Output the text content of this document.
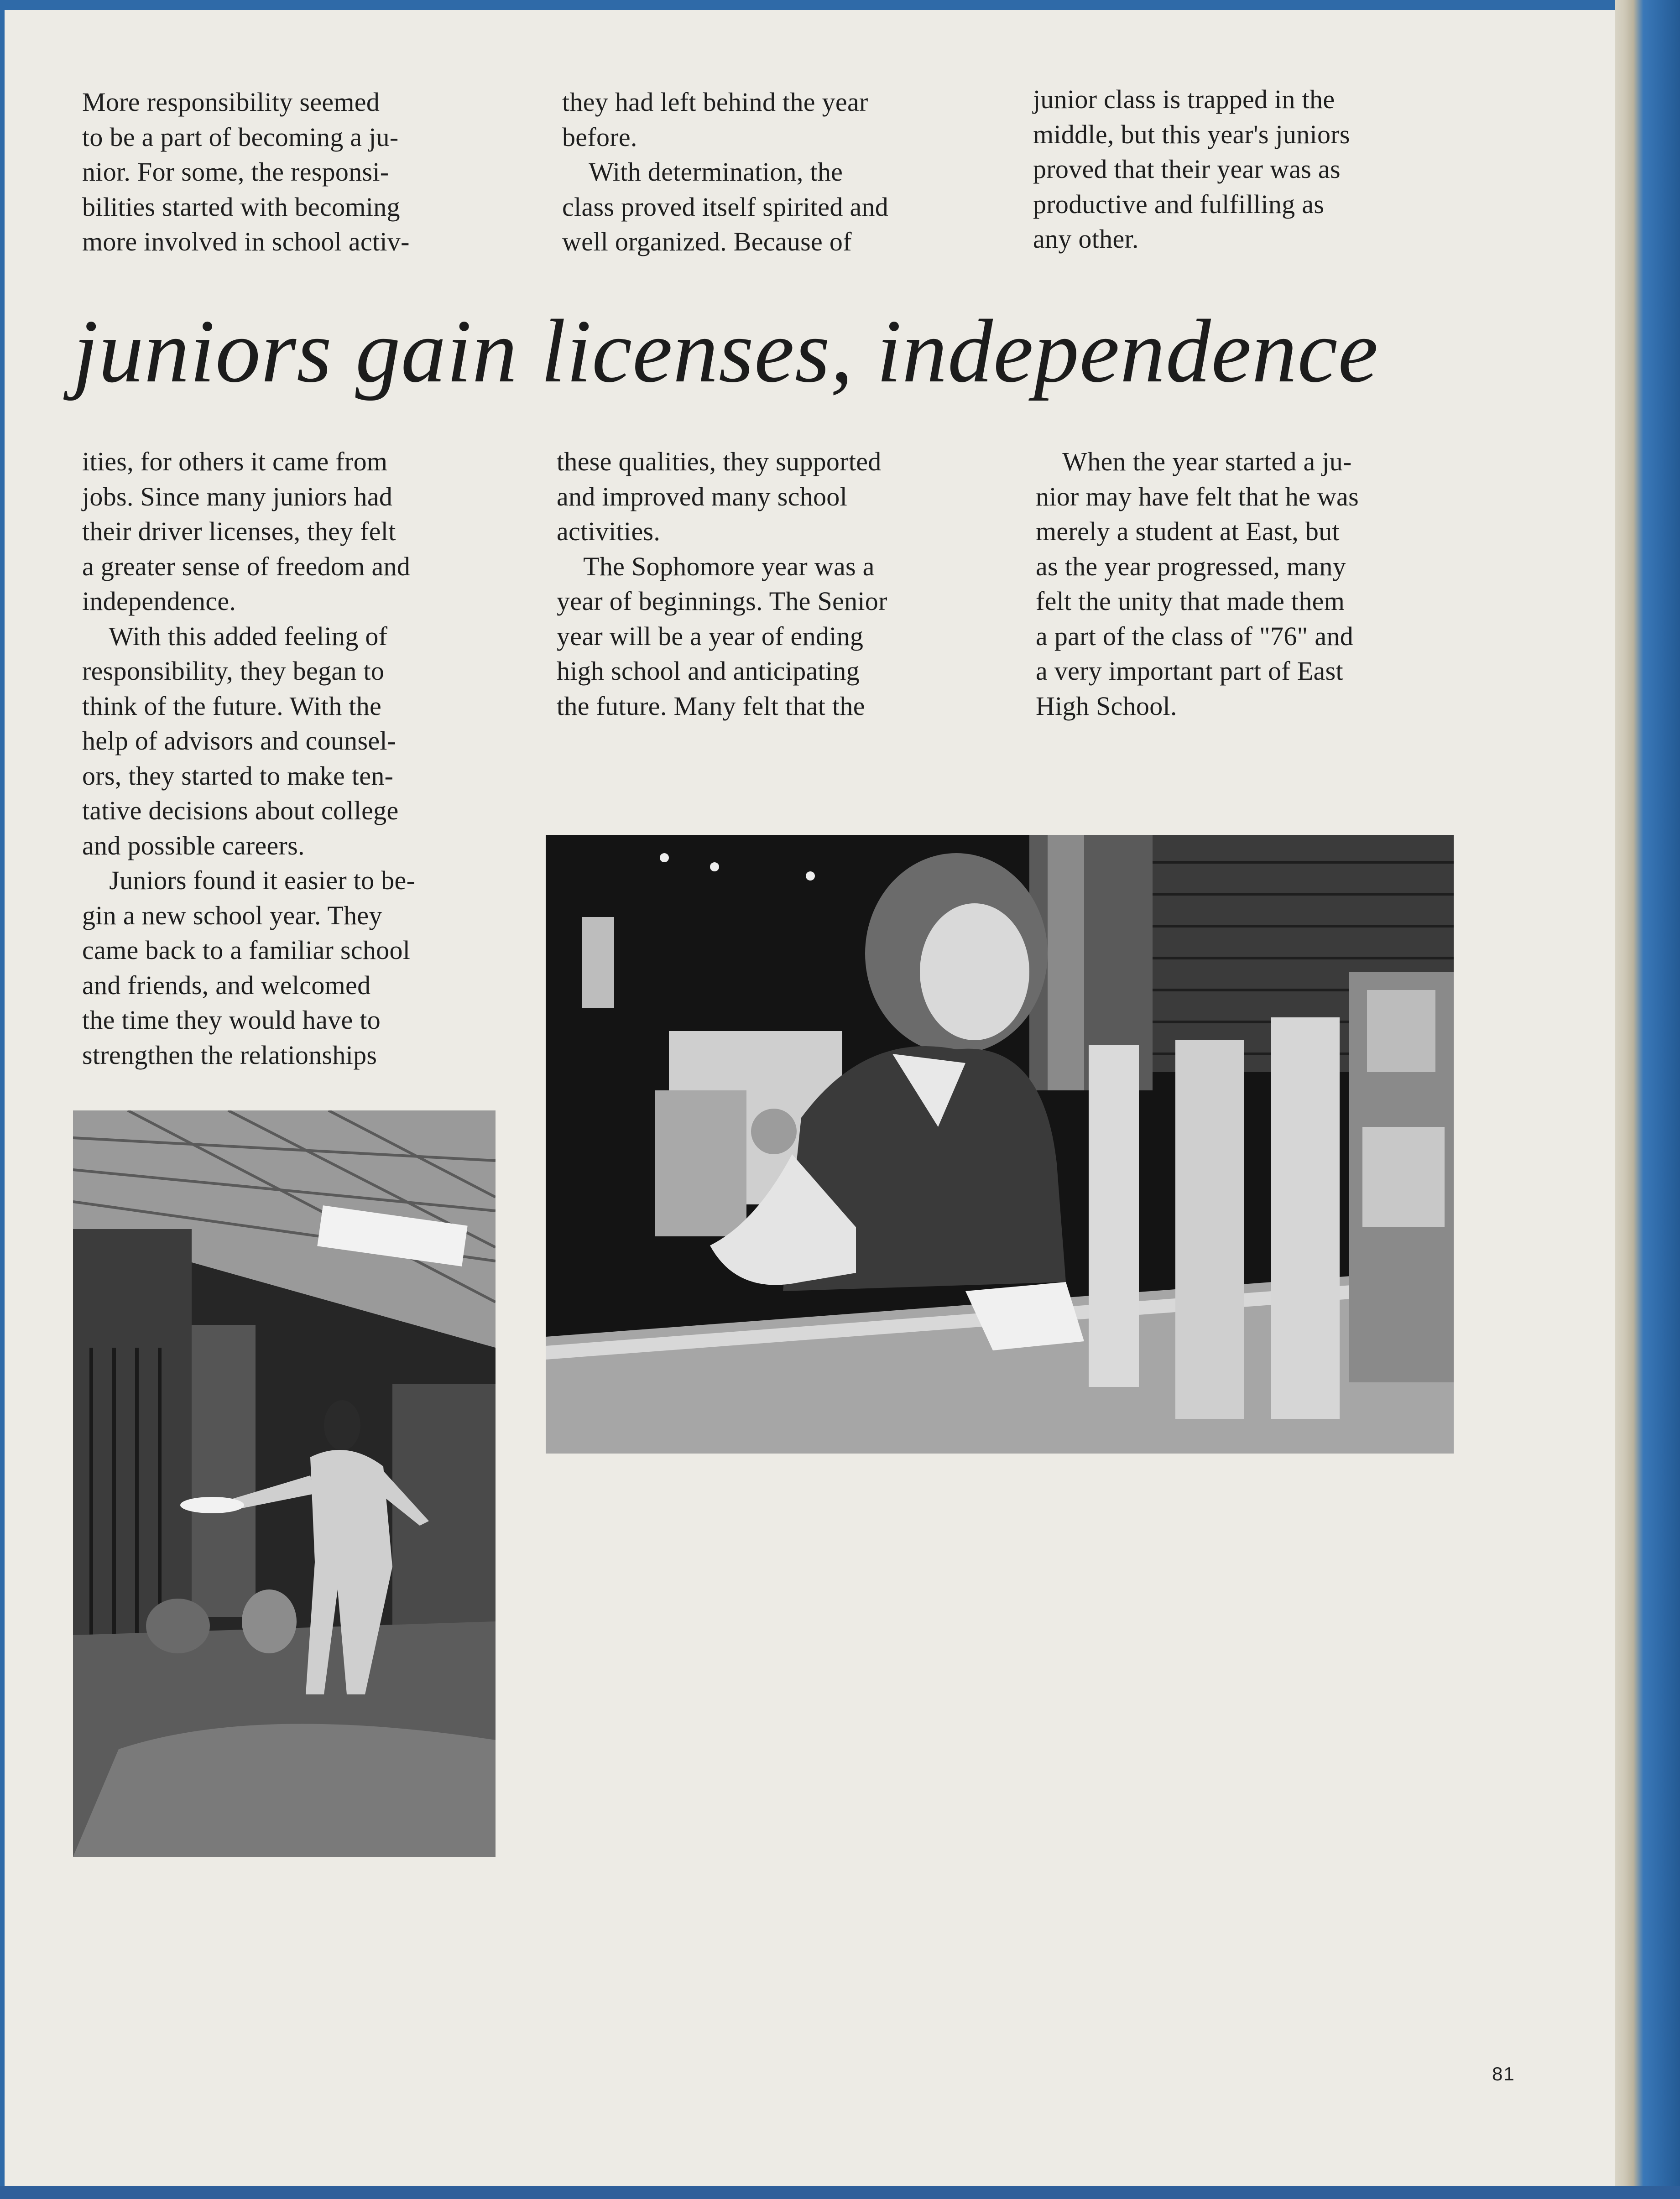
More responsibility seemed
to be a part of becoming a ju-
nior. For some, the responsi-
bilities started with becoming
more involved in school activ-

they had left behind the year
before.
With determination, the
class proved itself spirited and
well organized. Because of

junior class is trapped in the
middle, but this year's juniors
proved that their year was as
productive and fulfilling as
any other.

juniors gain licenses, independence

ities, for others it came from
jobs. Since many juniors had
their driver licenses, they felt
a greater sense of freedom and
independence.
With this added feeling of
responsibility, they began to
think of the future. With the
help of advisors and counsel-
ors, they started to make ten-
tative decisions about college
and possible careers.
Juniors found it easier to be-
gin a new school year. They
came back to a familiar school
and friends, and welcomed
the time they would have to
strengthen the relationships

these qualities, they supported
and improved many school
activities.
The Sophomore year was a
year of beginnings. The Senior
year will be a year of ending
high school and anticipating
the future. Many felt that the

When the year started a ju-
nior may have felt that he was
merely a student at East, but
as the year progressed, many
felt the unity that made them
a part of the class of "76" and
a very important part of East
High School.

81
